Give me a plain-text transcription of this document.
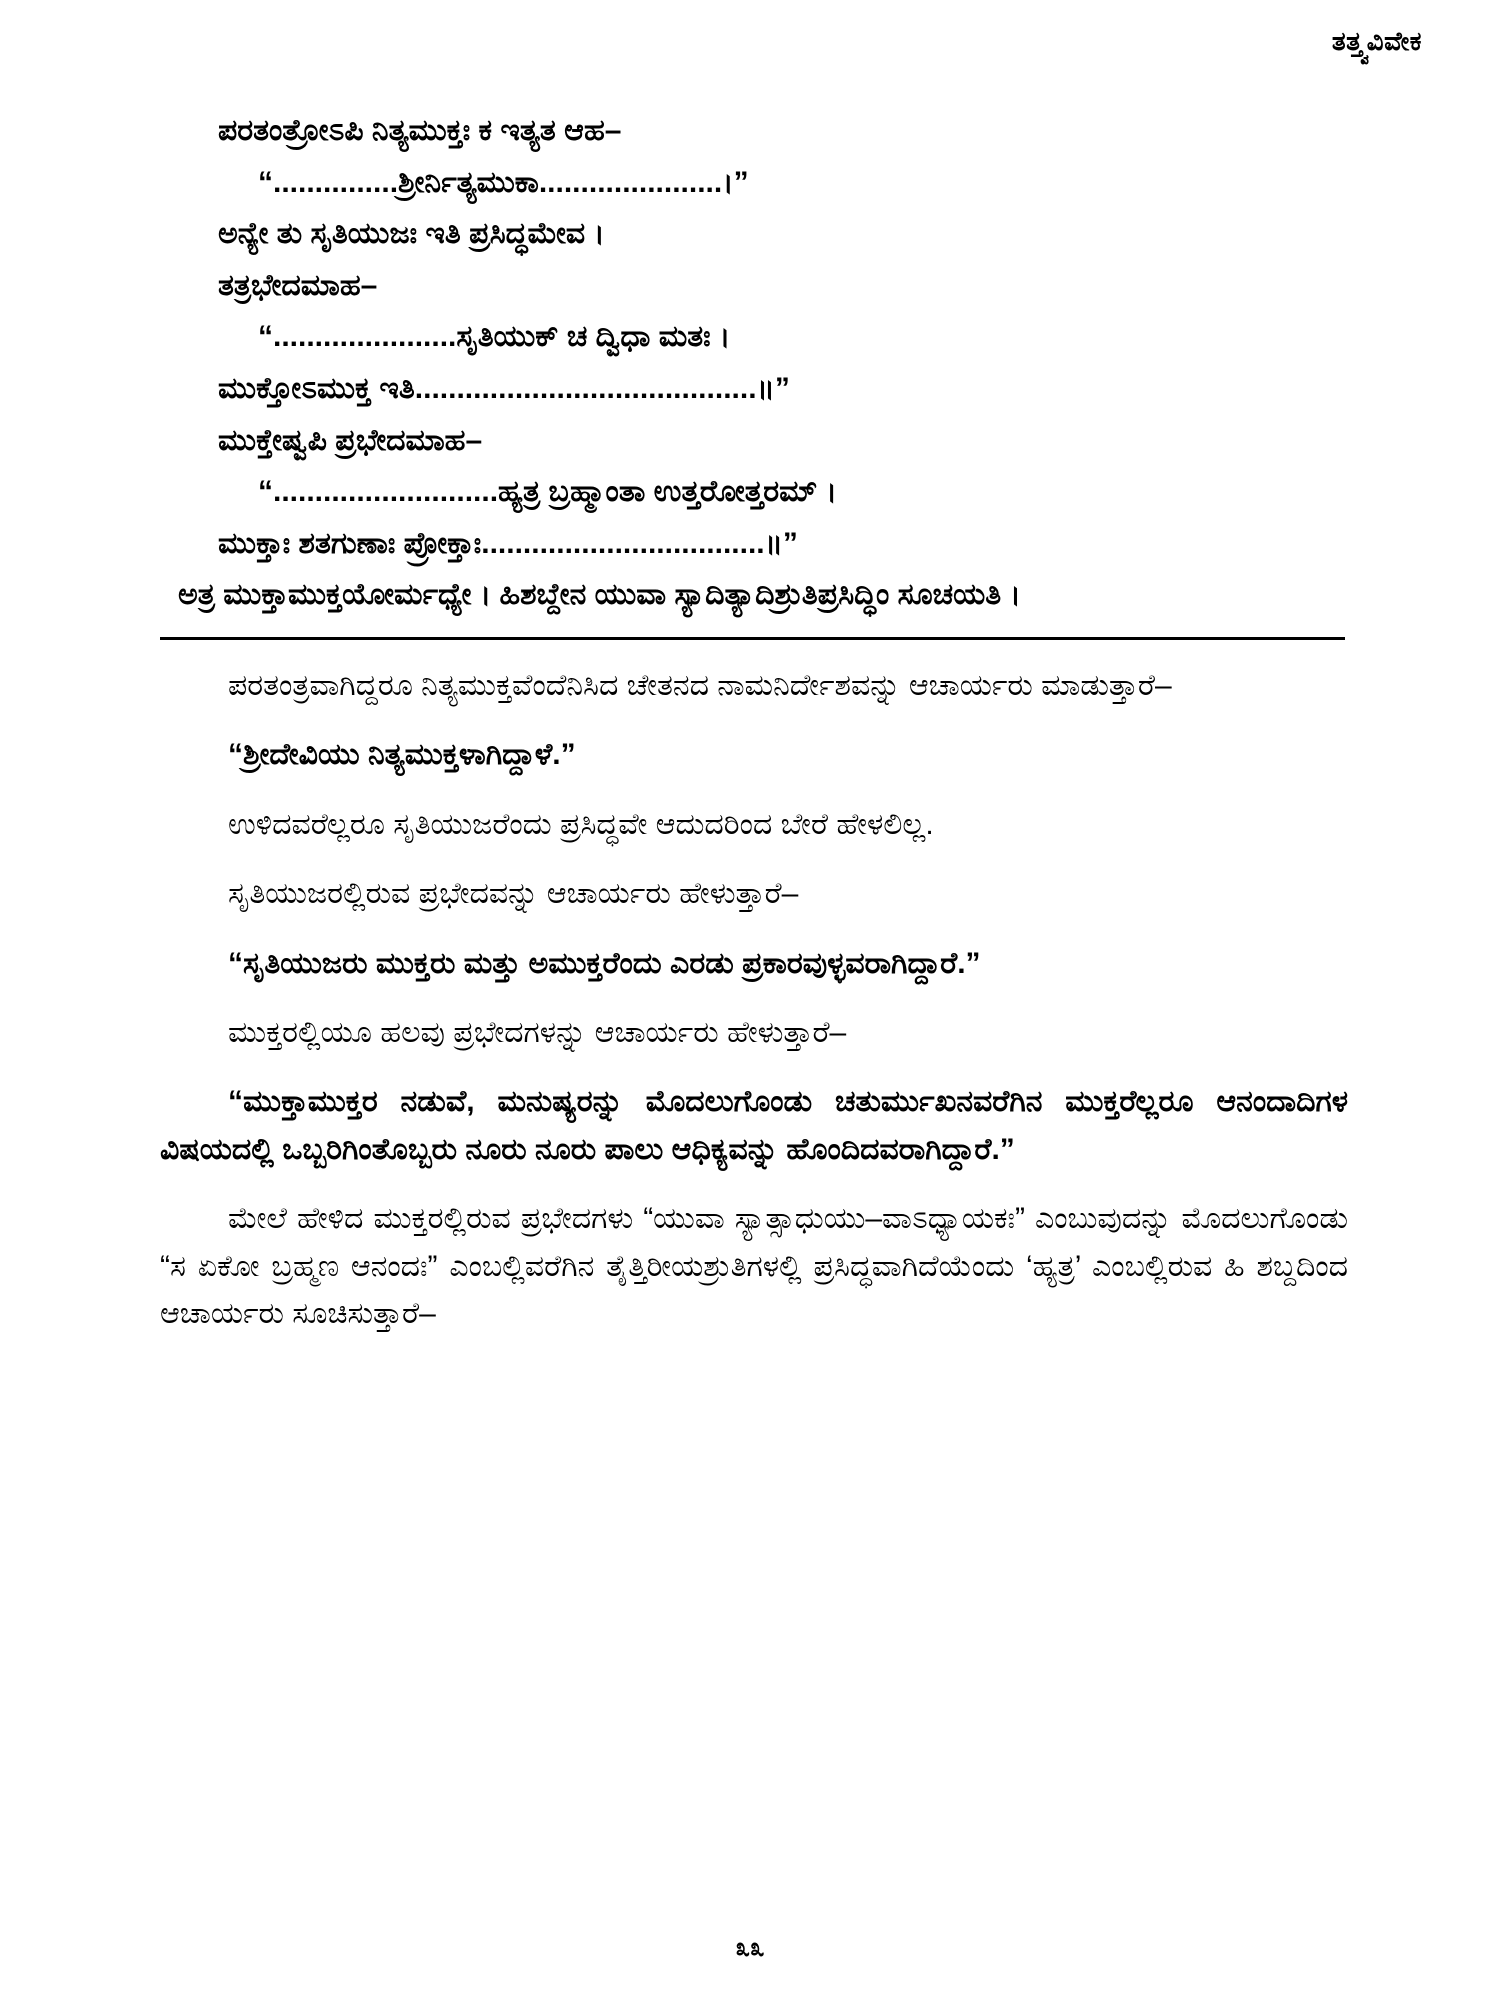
ತತ್ತ್ವವಿವೇಕ
ಪರತಂತ್ರೋಽಪಿ ನಿತ್ಯಮುಕ್ತಃ ಕ ಇತ್ಯತ ಆಹ–
“...............ಶ್ರೀರ್ನಿತ್ಯಮುಕಾ......................।”
ಅನ್ಯೇ ತು ಸೃತಿಯುಜಃ ಇತಿ ಪ್ರಸಿದ್ಧಮೇವ ।
ತತ್ರಭೇದಮಾಹ–
“......................ಸೃತಿಯುಕ್ ಚ ದ್ವಿಧಾ ಮತಃ ।
ಮುಕ್ತೋಽಮುಕ್ತ ಇತಿ.........................................॥”
ಮುಕ್ತೇಷ್ವಪಿ ಪ್ರಭೇದಮಾಹ–
“...........................ಹ್ಯತ್ರ ಬ್ರಹ್ಮಾಂತಾ ಉತ್ತರೋತ್ತರಮ್ ।
ಮುಕ್ತಾಃ ಶತಗುಣಾಃ ಪ್ರೋಕ್ತಾಃ..................................॥”
ಅತ್ರ ಮುಕ್ತಾಮುಕ್ತಯೋರ್ಮಧ್ಯೇ । ಹಿಶಬ್ದೇನ ಯುವಾ ಸ್ಯಾದಿತ್ಯಾದಿಶ್ರುತಿಪ್ರಸಿದ್ಧಿಂ ಸೂಚಯತಿ ।

ಪರತಂತ್ರವಾಗಿದ್ದರೂ ನಿತ್ಯಮುಕ್ತವೆಂದೆನಿಸಿದ ಚೇತನದ ನಾಮನಿರ್ದೇಶವನ್ನು ಆಚಾರ್ಯರು ಮಾಡುತ್ತಾರೆ–

“ಶ್ರೀದೇವಿಯು ನಿತ್ಯಮುಕ್ತಳಾಗಿದ್ದಾಳೆ.”

ಉಳಿದವರೆಲ್ಲರೂ ಸೃತಿಯುಜರೆಂದು ಪ್ರಸಿದ್ಧವೇ ಆದುದರಿಂದ ಬೇರೆ ಹೇಳಲಿಲ್ಲ.

ಸೃತಿಯುಜರಲ್ಲಿರುವ ಪ್ರಭೇದವನ್ನು ಆಚಾರ್ಯರು ಹೇಳುತ್ತಾರೆ–

“ಸೃತಿಯುಜರು ಮುಕ್ತರು ಮತ್ತು ಅಮುಕ್ತರೆಂದು ಎರಡು ಪ್ರಕಾರವುಳ್ಳವರಾಗಿದ್ದಾರೆ.”

ಮುಕ್ತರಲ್ಲಿಯೂ ಹಲವು ಪ್ರಭೇದಗಳನ್ನು ಆಚಾರ್ಯರು ಹೇಳುತ್ತಾರೆ–

“ಮುಕ್ತಾಮುಕ್ತರ ನಡುವೆ, ಮನುಷ್ಯರನ್ನು ಮೊದಲುಗೊಂಡು ಚತುರ್ಮುಖನವರೆಗಿನ ಮುಕ್ತರೆಲ್ಲರೂ ಆನಂದಾದಿಗಳ ವಿಷಯದಲ್ಲಿ ಒಬ್ಬರಿಗಿಂತೊಬ್ಬರು ನೂರು ನೂರು ಪಾಲು ಆಧಿಕ್ಯವನ್ನು ಹೊಂದಿದವರಾಗಿದ್ದಾರೆ.”

ಮೇಲೆ ಹೇಳಿದ ಮುಕ್ತರಲ್ಲಿರುವ ಪ್ರಭೇದಗಳು “ಯುವಾ ಸ್ಯಾತ್ಸಾಧುಯು–ವಾಽಧ್ಯಾಯಕಃ” ಎಂಬುವುದನ್ನು ಮೊದಲುಗೊಂಡು “ಸ ಏಕೋ ಬ್ರಹ್ಮಣ ಆನಂದಃ” ಎಂಬಲ್ಲಿವರೆಗಿನ ತೈತ್ತಿರೀಯಶ್ರುತಿಗಳಲ್ಲಿ ಪ್ರಸಿದ್ಧವಾಗಿದೆಯೆಂದು ‘ಹ್ಯತ್ರ’ ಎಂಬಲ್ಲಿರುವ ಹಿ ಶಬ್ದದಿಂದ ಆಚಾರ್ಯರು ಸೂಚಿಸುತ್ತಾರೆ–

೩೩
